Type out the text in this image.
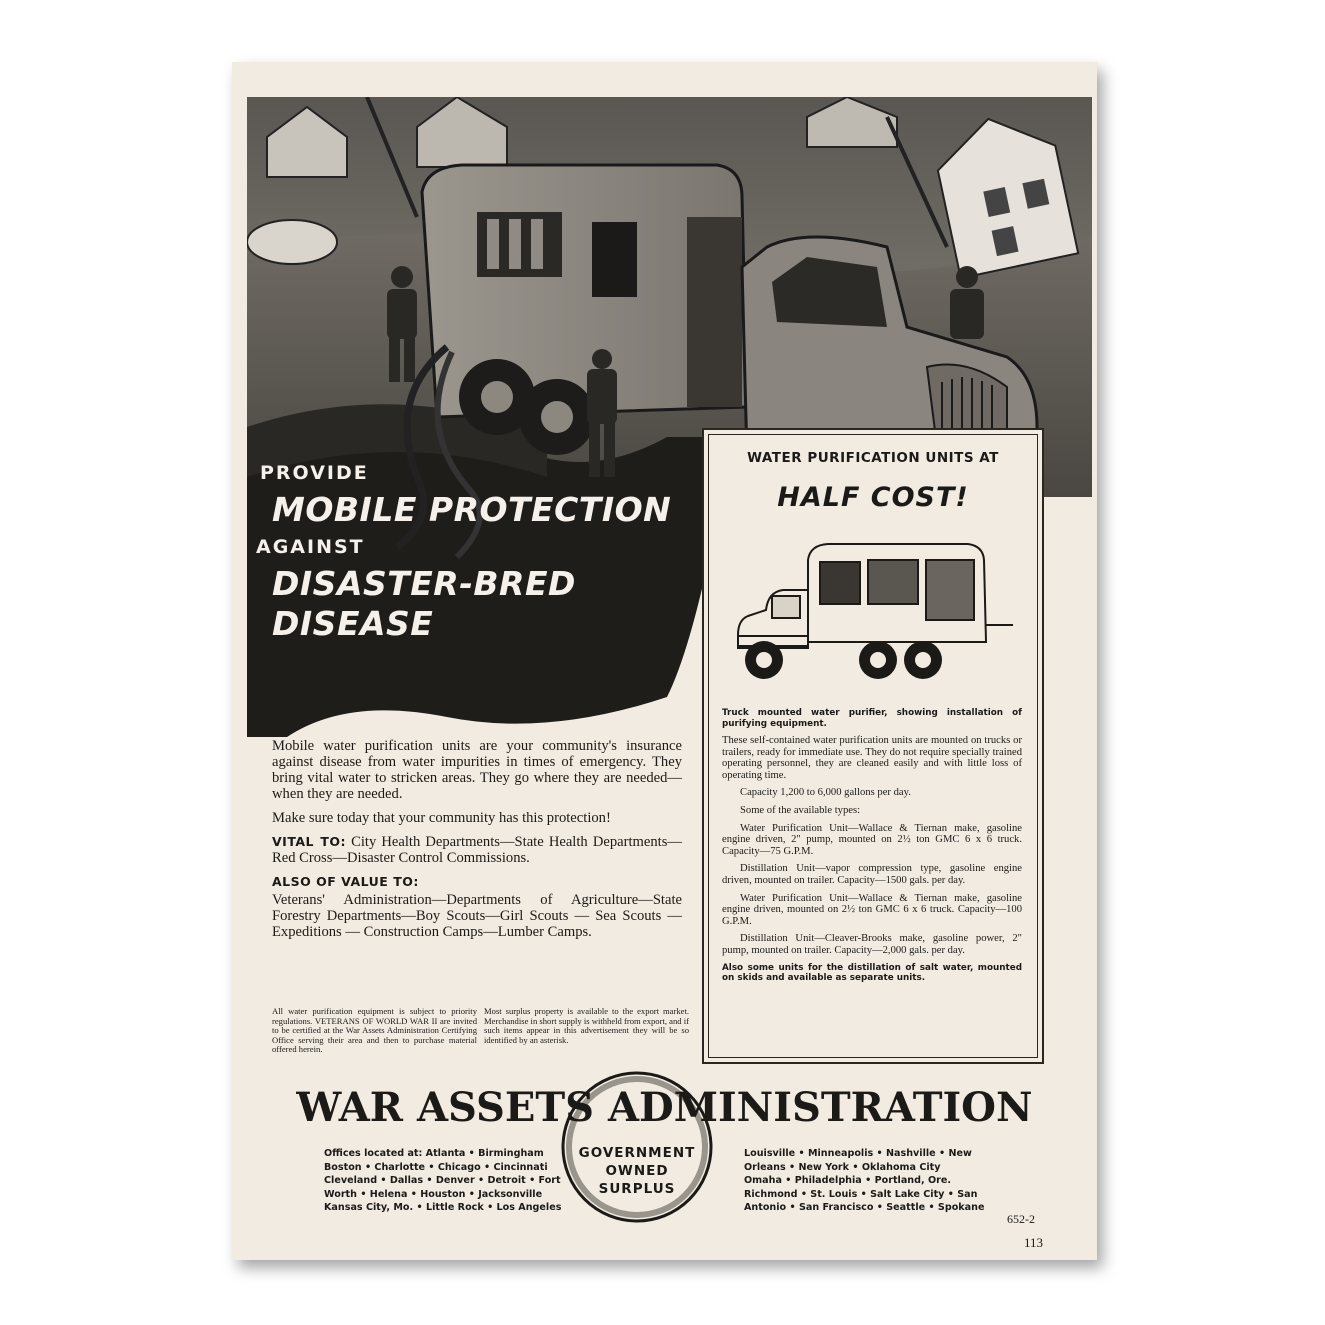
PROVIDE
MOBILE PROTECTION
AGAINST
DISASTER-BRED
DISEASE

Mobile water purification units are your community's insurance against disease from water impurities in times of emergency. They bring vital water to stricken areas. They go where they are needed—when they are needed.

Make sure today that your community has this protection!

VITAL TO: City Health Departments—State Health Departments—Red Cross—Disaster Control Commissions.

ALSO OF VALUE TO:

Veterans' Administration—Departments of Agriculture—State Forestry Departments—Boy Scouts—Girl Scouts — Sea Scouts — Expeditions — Construction Camps—Lumber Camps.

All water purification equipment is subject to priority regulations. VETERANS OF WORLD WAR II are invited to be certified at the War Assets Administration Certifying Office serving their area and then to purchase material offered herein.
Most surplus property is available to the export market. Merchandise in short supply is withheld from export, and if such items appear in this advertisement they will be so identified by an asterisk.
WATER PURIFICATION UNITS AT
HALF COST!

Truck mounted water purifier, showing installation of purifying equipment.

These self-contained water purification units are mounted on trucks or trailers, ready for immediate use. They do not require specially trained operating personnel, they are cleaned easily and with little loss of operating time.

Capacity 1,200 to 6,000 gallons per day.

Some of the available types:

Water Purification Unit—Wallace & Tiernan make, gasoline engine driven, 2" pump, mounted on 2½ ton GMC 6 x 6 truck. Capacity—75 G.P.M.

Distillation Unit—vapor compression type, gasoline engine driven, mounted on trailer. Capacity—1500 gals. per day.

Water Purification Unit—Wallace & Tiernan make, gasoline engine driven, mounted on 2½ ton GMC 6 x 6 truck. Capacity—100 G.P.M.

Distillation Unit—Cleaver-Brooks make, gasoline power, 2" pump, mounted on trailer. Capacity—2,000 gals. per day.

Also some units for the distillation of salt water, mounted on skids and available as separate units.

WAR ASSETS ADMINISTRATION
GOVERNMENT
OWNED
SURPLUS
Offices located at: Atlanta • Birmingham
Boston • Charlotte • Chicago • Cincinnati
Cleveland • Dallas • Denver • Detroit • Fort
Worth • Helena • Houston • Jacksonville
Kansas City, Mo. • Little Rock • Los Angeles
Louisville • Minneapolis • Nashville • New
Orleans • New York • Oklahoma City
Omaha • Philadelphia • Portland, Ore.
Richmond • St. Louis • Salt Lake City • San
Antonio • San Francisco • Seattle • Spokane
652-2
113
